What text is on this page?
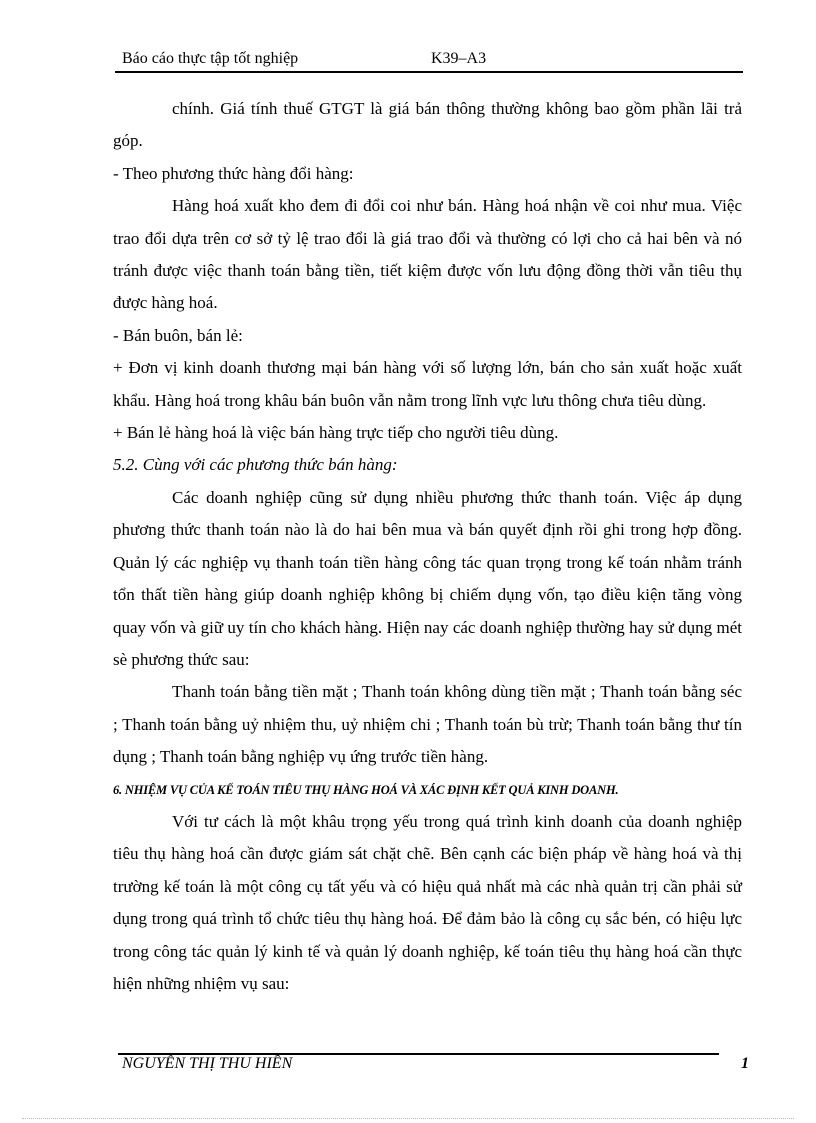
Báo cáo thực tập tốt nghiệp	K39–A3

chính. Giá tính thuế GTGT là giá bán thông thường không bao gồm phần lãi trả góp.

- Theo phương thức hàng đổi hàng:

Hàng hoá xuất kho đem đi đổi coi như bán. Hàng hoá nhận về coi như mua. Việc trao đổi dựa trên cơ sở tỷ lệ trao đổi là giá trao đổi và thường có lợi cho cả hai bên và nó tránh được việc thanh toán bằng tiền, tiết kiệm được vốn lưu động đồng thời vẫn tiêu thụ được hàng hoá.

- Bán buôn, bán lẻ:

+ Đơn vị kinh doanh thương mại bán hàng với số lượng lớn, bán cho sản xuất hoặc xuất khẩu. Hàng hoá trong khâu bán buôn vẫn nằm trong lĩnh vực lưu thông chưa tiêu dùng.

+ Bán lẻ hàng hoá là việc bán hàng trực tiếp cho người tiêu dùng.

5.2. Cùng với các phương thức bán hàng:

Các doanh nghiệp cũng sử dụng nhiều phương thức thanh toán. Việc áp dụng phương thức thanh toán nào là do hai bên mua và bán quyết định rồi ghi trong hợp đồng. Quản lý các nghiệp vụ thanh toán tiền hàng công tác quan trọng trong kế toán nhằm tránh tổn thất tiền hàng giúp doanh nghiệp không bị chiếm dụng vốn, tạo điều kiện tăng vòng quay vốn và giữ uy tín cho khách hàng. Hiện nay các doanh nghiệp thường hay sử dụng mét sè phương thức sau:

Thanh toán bằng tiền mặt ; Thanh toán không dùng tiền mặt ; Thanh toán bằng séc ; Thanh toán bằng uỷ nhiệm thu, uỷ nhiệm chi ; Thanh toán bù trừ; Thanh toán bằng thư tín dụng ; Thanh toán bằng nghiệp vụ ứng trước tiền hàng.

6. NHIỆM VỤ CỦA KẾ TOÁN TIÊU THỤ HÀNG HOÁ VÀ XÁC ĐỊNH KẾT QUẢ KINH DOANH.

Với tư cách là một khâu trọng yếu trong quá trình kinh doanh của doanh nghiệp tiêu thụ hàng hoá cần được giám sát chặt chẽ. Bên cạnh các biện pháp về hàng hoá và thị trường kế toán là một công cụ tất yếu và có hiệu quả nhất mà các nhà quản trị cần phải sử dụng trong quá trình tổ chức tiêu thụ hàng hoá. Để đảm bảo là công cụ sắc bén, có hiệu lực trong công tác quản lý kinh tế và quản lý doanh nghiệp, kế toán tiêu thụ hàng hoá cần thực hiện những nhiệm vụ sau:

NGUYỄN THỊ THU HIỀN	1
